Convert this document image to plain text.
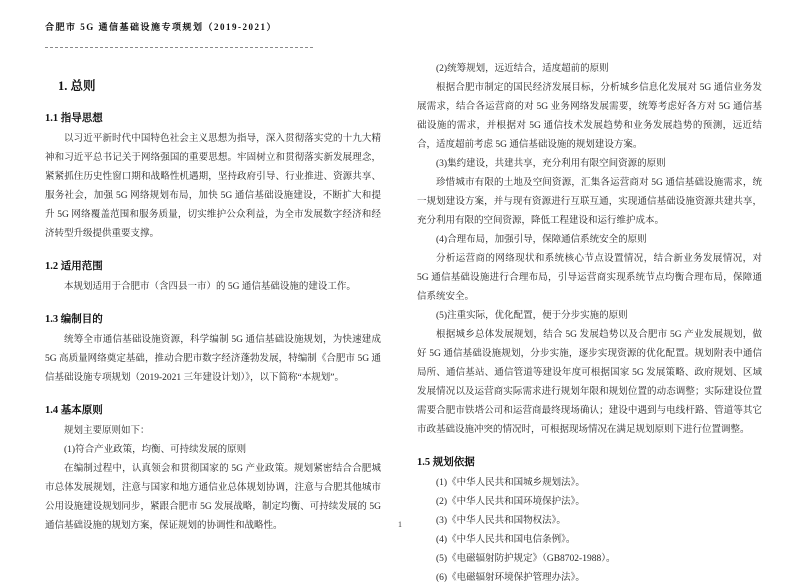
合肥市 5G 通信基础设施专项规划（2019-2021）
1. 总则
1.1 指导思想

以习近平新时代中国特色社会主义思想为指导，深入贯彻落实党的十九大精神和习近平总书记关于网络强国的重要思想。牢固树立和贯彻落实新发展理念，紧紧抓住历史性窗口期和战略性机遇期，坚持政府引导、行业推进、资源共享、服务社会，加强 5G 网络规划布局，加快 5G 通信基础设施建设，不断扩大和提升 5G 网络覆盖范围和服务质量，切实维护公众利益，为全市发展数字经济和经济转型升级提供重要支撑。

1.2 适用范围

本规划适用于合肥市（含四县一市）的 5G 通信基础设施的建设工作。

1.3 编制目的

统筹全市通信基础设施资源，科学编制 5G 通信基础设施规划，为快速建成 5G 高质量网络奠定基础，推动合肥市数字经济蓬勃发展，特编制《合肥市 5G 通信基础设施专项规划（2019-2021 三年建设计划）》，以下简称“本规划”。

1.4 基本原则

规划主要原则如下：

(1)符合产业政策，均衡、可持续发展的原则

在编制过程中，认真领会和贯彻国家的 5G 产业政策。规划紧密结合合肥城市总体发展规划，注意与国家和地方通信业总体规划协调，注意与合肥其他城市公用设施建设规划同步，紧跟合肥市 5G 发展战略，制定均衡、可持续发展的 5G 通信基础设施的规划方案，保证规划的协调性和战略性。

(2)统筹规划，远近结合，适度超前的原则

根据合肥市制定的国民经济发展目标，分析城乡信息化发展对 5G 通信业务发展需求，结合各运营商的对 5G 业务网络发展需要，统筹考虑好各方对 5G 通信基础设施的需求，并根据对 5G 通信技术发展趋势和业务发展趋势的预测，远近结合，适度超前考虑 5G 通信基础设施的规划建设方案。

(3)集约建设，共建共享，充分利用有限空间资源的原则

珍惜城市有限的土地及空间资源，汇集各运营商对 5G 通信基础设施需求，统一规划建设方案，并与现有资源进行互联互通，实现通信基础设施资源共建共享，充分利用有限的空间资源，降低工程建设和运行维护成本。

(4)合理布局，加强引导，保障通信系统安全的原则

分析运营商的网络现状和系统核心节点设置情况，结合新业务发展情况，对 5G 通信基础设施进行合理布局，引导运营商实现系统节点均衡合理布局，保障通信系统安全。

(5)注重实际，优化配置，便于分步实施的原则

根据城乡总体发展规划，结合 5G 发展趋势以及合肥市 5G 产业发展规划，做好 5G 通信基础设施规划，分步实施，逐步实现资源的优化配置。规划附表中通信局所、通信基站、通信管道等建设年度可根据国家 5G 发展策略、政府规划、区域发展情况以及运营商实际需求进行规划年限和规划位置的动态调整；实际建设位置需要合肥市铁塔公司和运营商最终现场确认；建设中遇到与电线杆路、管道等其它市政基础设施冲突的情况时，可根据现场情况在满足规划原则下进行位置调整。

1.5 规划依据

(1)《中华人民共和国城乡规划法》。

(2)《中华人民共和国环境保护法》。

(3)《中华人民共和国物权法》。

(4)《中华人民共和国电信条例》。

(5)《电磁辐射防护规定》（GB8702-1988）。

(6)《电磁辐射环境保护管理办法》。

1
